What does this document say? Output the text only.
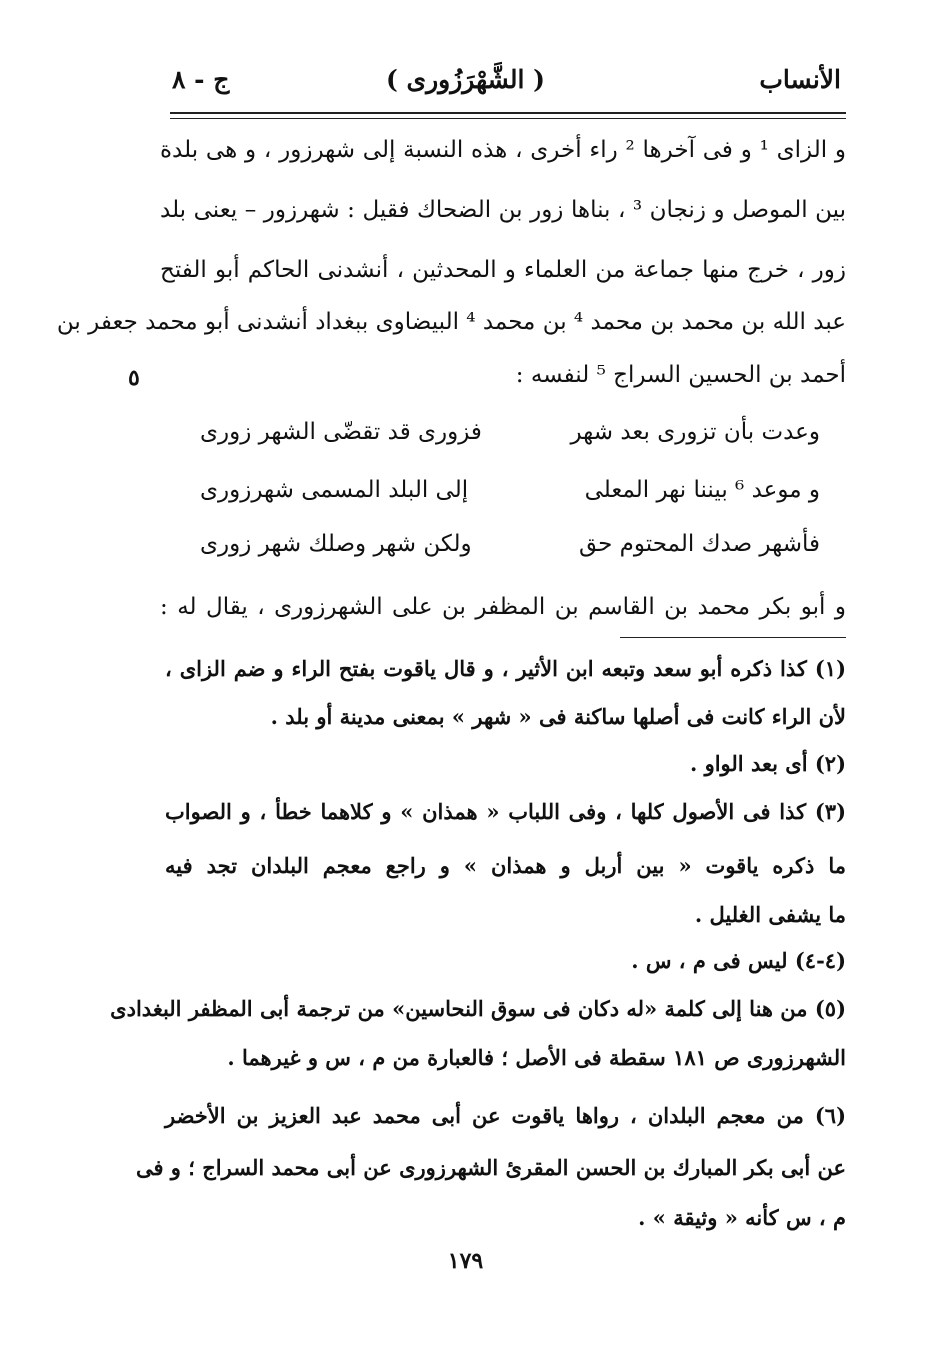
الأنساب
( الشَّهْرَزُورى )
ج - ٨
و الزاى ¹ و فى آخرها ² راء أخرى ، هذه النسبة إلى شهرزور ، و هى بلدة
بين الموصل و زنجان ³ ، بناها زور بن الضحاك فقيل : شهرزور – يعنى بلد
زور ، خرج منها جماعة من العلماء و المحدثين ، أنشدنى الحاكم أبو الفتح
عبد الله بن محمد بن محمد ⁴ بن محمد ⁴ البيضاوى ببغداد أنشدنى أبو محمد جعفر بن
أحمد بن الحسين السراج ⁵ لنفسه :
٥
وعدت بأن تزورى بعد شهر
فزورى قد تقضّى الشهر زورى
و موعد ⁶ بيننا نهر المعلى
إلى البلد المسمى شهرزورى
فأشهر صدك المحتوم حق
ولكن شهر وصلك شهر زورى
و أبو بكر محمد بن القاسم بن المظفر بن على الشهرزورى ، يقال له :
(١) كذا ذكره أبو سعد وتبعه ابن الأثير ، و قال ياقوت بفتح الراء و ضم الزاى ،
لأن الراء كانت فى أصلها ساكنة فى « شهر » بمعنى مدينة أو بلد .
(٢) أى بعد الواو .
(٣) كذا فى الأصول كلها ، وفى اللباب « همذان » و كلاهما خطأ ، و الصواب
ما ذكره ياقوت « بين أربل و همذان » و راجع معجم البلدان تجد فيه
ما يشفى الغليل .
(٤-٤) ليس فى م ، س .
(٥) من هنا إلى كلمة «له دكان فى سوق النحاسين» من ترجمة أبى المظفر البغدادى
الشهرزورى ص ١٨١ سقطة فى الأصل ؛ فالعبارة من م ، س و غيرهما .
(٦) من معجم البلدان ، رواها ياقوت عن أبى محمد عبد العزيز بن الأخضر
عن أبى بكر المبارك بن الحسن المقرئ الشهرزورى عن أبى محمد السراج ؛ و فى
م ، س كأنه « وثيقة » .
١٧٩
